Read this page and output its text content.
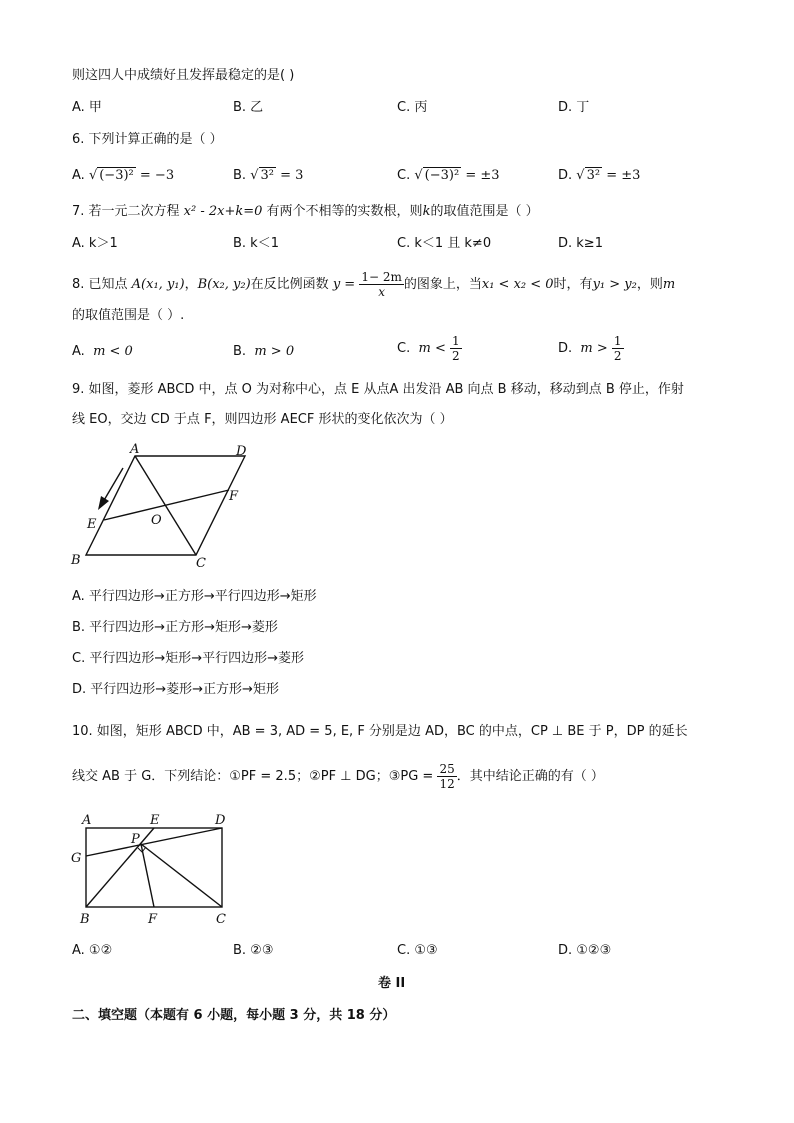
则这四人中成绩好且发挥最稳定的是( )
A. 甲	B. 乙	C. 丙	D. 丁
6. 下列计算正确的是（ ）
A. √ (−3)² = −3	B. √ 3² = 3	C. √ (−3)² = ±3	D. √ 3² = ±3
7. 若一元二次方程 x² - 2x+k=0 有两个不相等的实数根，则k的取值范围是（ ）
A. k＞1	B. k＜1	C. k＜1 且 k≠0	D. k≥1
8. 已知点 A(x₁, y₁)，B(x₂, y₂)在反比例函数 $y = \frac{1- 2m}{x}$ 的图象上，当x₁ < x₂ < 0时，有y₁ > y₂，则m
的取值范围是（ ）.
A. m < 0	B. m > 0	C. $m < \frac{1}{2}$	D. $m > \frac{1}{2}$
9. 如图，菱形 ABCD 中，点 O 为对称中心，点 E 从点A 出发沿 AB 向点 B 移动，移动到点 B 停止，作射
线 EO，交边 CD 于点 F，则四边形 AECF 形状的变化依次为（ ）
A	D
F
E	O
B	C
A. 平行四边形→正方形→平行四边形→矩形
B. 平行四边形→正方形→矩形→菱形
C. 平行四边形→矩形→平行四边形→菱形
D. 平行四边形→菱形→正方形→矩形
10. 如图，矩形 ABCD 中，AB = 3, AD = 5, E, F 分别是边 AD，BC 的中点，CP ⊥ BE 于 P，DP 的延长
线交 AB 于 G．下列结论：①PF = 2.5；②PF ⊥ DG；③PG = $\frac{25}{12}$ ．其中结论正确的有（ ）
A	E	D
P
G
B	F	C
A. ①②	B. ②③	C. ①③	D. ①②③
卷 II
二、填空题（本题有 6 小题，每小题 3 分，共 18 分）
